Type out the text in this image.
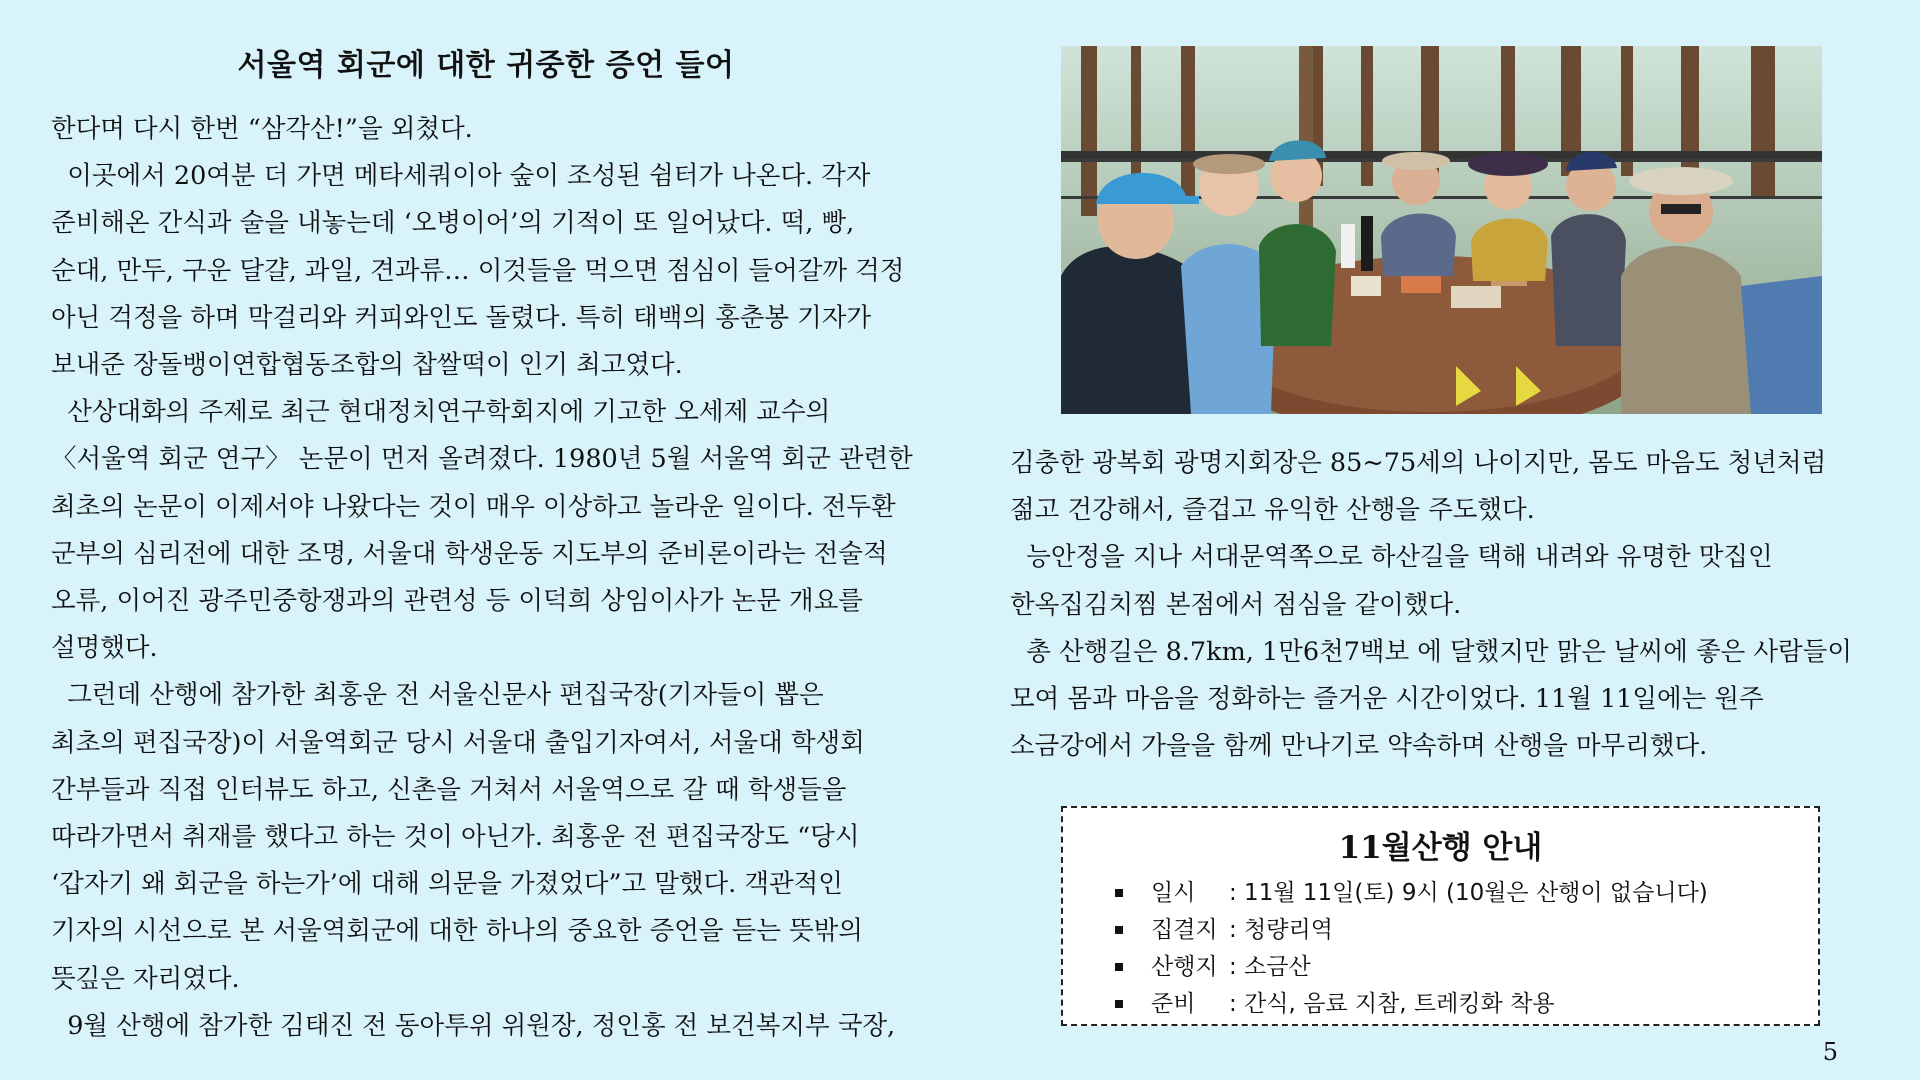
서울역 회군에 대한 귀중한 증언 들어

한다며 다시 한번 “삼각산!”을 외쳤다.
이곳에서 20여분 더 가면 메타세쿼이아 숲이 조성된 쉼터가 나온다. 각자
준비해온 간식과 술을 내놓는데 ‘오병이어’의 기적이 또 일어났다. 떡, 빵,
순대, 만두, 구운 달걀, 과일, 견과류… 이것들을 먹으면 점심이 들어갈까 걱정
아닌 걱정을 하며 막걸리와 커피와인도 돌렸다. 특히 태백의 홍춘봉 기자가
보내준 장돌뱅이연합협동조합의 찹쌀떡이 인기 최고였다.
산상대화의 주제로 최근 현대정치연구학회지에 기고한 오세제 교수의
〈서울역 회군 연구〉 논문이 먼저 올려졌다. 1980년 5월 서울역 회군 관련한
최초의 논문이 이제서야 나왔다는 것이 매우 이상하고 놀라운 일이다. 전두환
군부의 심리전에 대한 조명, 서울대 학생운동 지도부의 준비론이라는 전술적
오류, 이어진 광주민중항쟁과의 관련성 등 이덕희 상임이사가 논문 개요를
설명했다.
그런데 산행에 참가한 최홍운 전 서울신문사 편집국장(기자들이 뽑은
최초의 편집국장)이 서울역회군 당시 서울대 출입기자여서, 서울대 학생회
간부들과 직접 인터뷰도 하고, 신촌을 거쳐서 서울역으로 갈 때 학생들을
따라가면서 취재를 했다고 하는 것이 아닌가. 최홍운 전 편집국장도 “당시
‘갑자기 왜 회군을 하는가’에 대해 의문을 가졌었다”고 말했다. 객관적인
기자의 시선으로 본 서울역회군에 대한 하나의 중요한 증언을 듣는 뜻밖의
뜻깊은 자리였다.
9월 산행에 참가한 김태진 전 동아투위 위원장, 정인홍 전 보건복지부 국장,

김충한 광복회 광명지회장은 85~75세의 나이지만, 몸도 마음도 청년처럼
젊고 건강해서, 즐겁고 유익한 산행을 주도했다.
능안정을 지나 서대문역쪽으로 하산길을 택해 내려와 유명한 맛집인
한옥집김치찜 본점에서 점심을 같이했다.
총 산행길은 8.7km, 1만6천7백보 에 달했지만 맑은 날씨에 좋은 사람들이
모여 몸과 마음을 정화하는 즐거운 시간이었다. 11월 11일에는 원주
소금강에서 가을을 함께 만나기로 약속하며 산행을 마무리했다.

11월산행 안내
일시 : 11월 11일(토) 9시 (10월은 산행이 없습니다)
집결지 : 청량리역
산행지 : 소금산
준비 : 간식, 음료 지참, 트레킹화 착용
5
